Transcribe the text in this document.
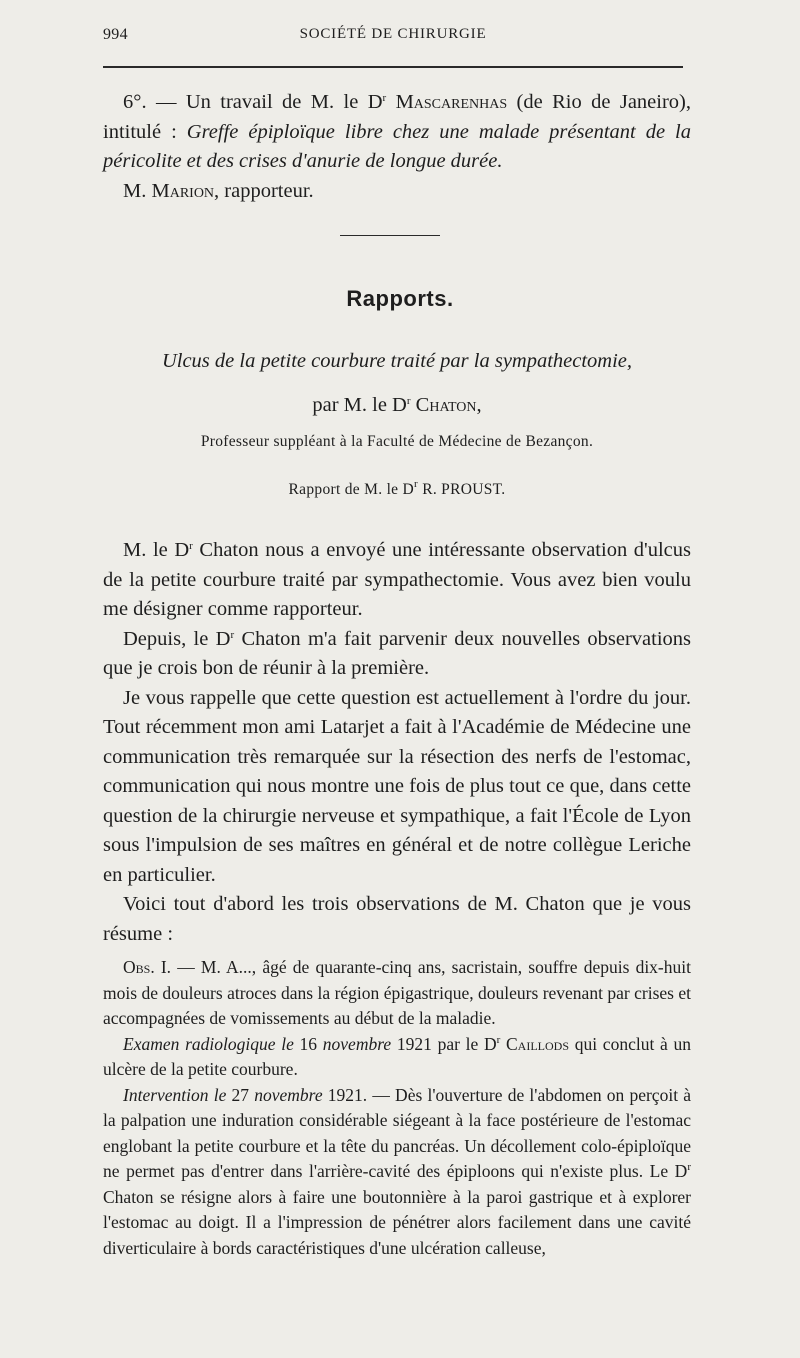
994	SOCIÉTÉ DE CHIRURGIE

6°. — Un travail de M. le $D^r$ Mascarenhas (de Rio de Janeiro), intitulé : Greffe épiploïque libre chez une malade présentant de la péricolite et des crises d'anurie de longue durée.

M. Marion, rapporteur.

Rapports.
Ulcus de la petite courbure traité par la sympathectomie,
par M. le $D^r$ Chaton,
Professeur suppléant à la Faculté de Médecine de Bezançon.
Rapport de M. le $D^r$ R. PROUST.

M. le $D^r$ Chaton nous a envoyé une intéressante observation d'ulcus de la petite courbure traité par sympathectomie. Vous avez bien voulu me désigner comme rapporteur.

Depuis, le $D^r$ Chaton m'a fait parvenir deux nouvelles observations que je crois bon de réunir à la première.

Je vous rappelle que cette question est actuellement à l'ordre du jour. Tout récemment mon ami Latarjet a fait à l'Académie de Médecine une communication très remarquée sur la résection des nerfs de l'estomac, communication qui nous montre une fois de plus tout ce que, dans cette question de la chirurgie nerveuse et sympathique, a fait l'École de Lyon sous l'impulsion de ses maîtres en général et de notre collègue Leriche en particulier.

Voici tout d'abord les trois observations de M. Chaton que je vous résume :

Obs. I. — M. A..., âgé de quarante-cinq ans, sacristain, souffre depuis dix-huit mois de douleurs atroces dans la région épigastrique, douleurs revenant par crises et accompagnées de vomissements au début de la maladie.

Examen radiologique le 16 novembre 1921 par le $D^r$ Caillods qui conclut à un ulcère de la petite courbure.

Intervention le 27 novembre 1921. — Dès l'ouverture de l'abdomen on perçoit à la palpation une induration considérable siégeant à la face postérieure de l'estomac englobant la petite courbure et la tête du pancréas. Un décollement colo-épiploïque ne permet pas d'entrer dans l'arrière-cavité des épiploons qui n'existe plus. Le $D^r$ Chaton se résigne alors à faire une boutonnière à la paroi gastrique et à explorer l'estomac au doigt. Il a l'impression de pénétrer alors facilement dans une cavité diverticulaire à bords caractéristiques d'une ulcération calleuse,
